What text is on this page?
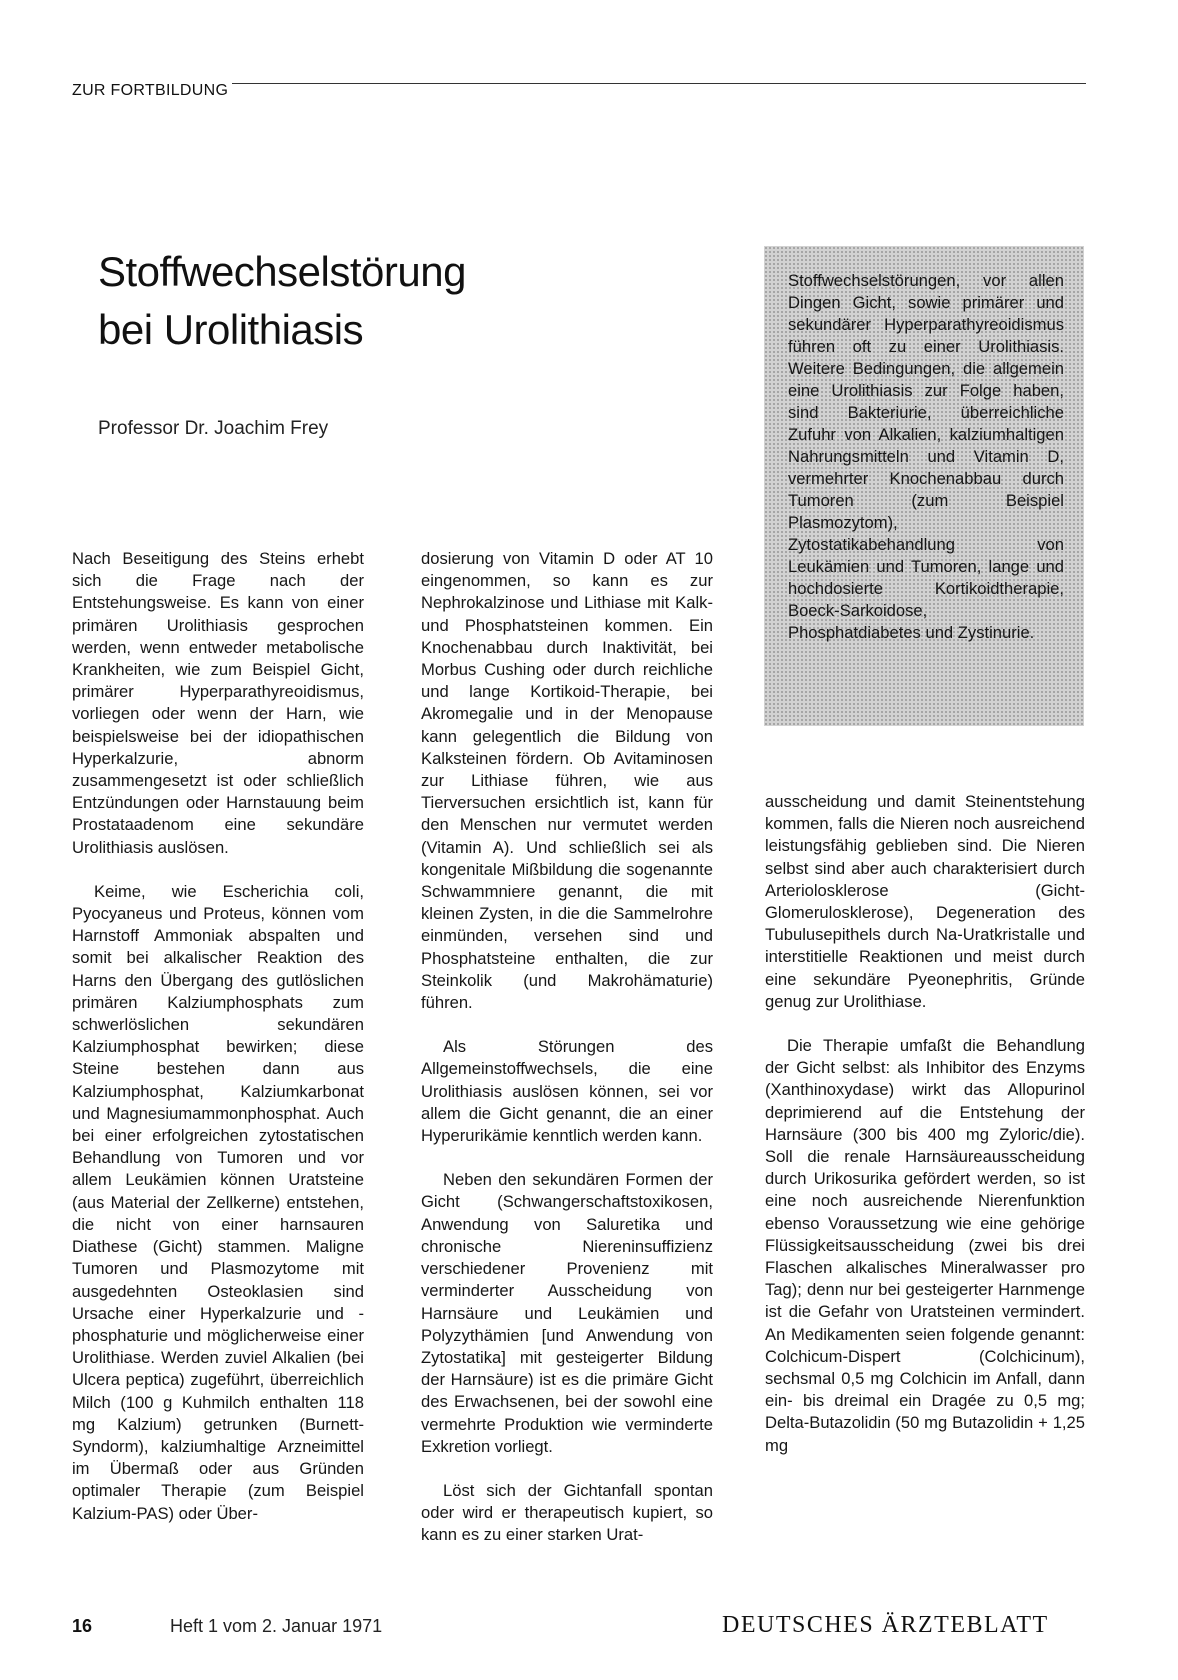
ZUR FORTBILDUNG
Stoffwechselstörung
bei Urolithiasis
Professor Dr. Joachim Frey
Stoffwechselstörungen, vor allen Dingen Gicht, sowie primärer und sekundärer Hyperparathyreoidismus führen oft zu einer Urolithiasis. Weitere Bedingungen, die allgemein eine Urolithiasis zur Folge haben, sind Bakteriurie, überreichliche Zufuhr von Alkalien, kalziumhaltigen Nahrungsmitteln und Vitamin D, vermehrter Knochenabbau durch Tumoren (zum Beispiel Plasmozytom), Zytostatikabehandlung von Leukämien und Tumoren, lange und hochdosierte Kortikoidtherapie, Boeck-Sarkoidose, Phosphatdiabetes und Zystinurie.

Nach Beseitigung des Steins erhebt sich die Frage nach der Entstehungsweise. Es kann von einer primären Urolithiasis gesprochen werden, wenn entweder metabolische Krankheiten, wie zum Beispiel Gicht, primärer Hyperparathyreoidismus, vorliegen oder wenn der Harn, wie beispielsweise bei der idiopathischen Hyperkalzurie, abnorm zusammengesetzt ist oder schließlich Entzündungen oder Harnstauung beim Prostataadenom eine sekundäre Urolithiasis auslösen.

Keime, wie Escherichia coli, Pyocyaneus und Proteus, können vom Harnstoff Ammoniak abspalten und somit bei alkalischer Reaktion des Harns den Übergang des gutlöslichen primären Kalziumphosphats zum schwerlöslichen sekundären Kalziumphosphat bewirken; diese Steine bestehen dann aus Kalziumphosphat, Kalziumkarbonat und Magnesiumammonphosphat. Auch bei einer erfolgreichen zytostatischen Behandlung von Tumoren und vor allem Leukämien können Uratsteine (aus Material der Zellkerne) entstehen, die nicht von einer harnsauren Diathese (Gicht) stammen. Maligne Tumoren und Plasmozytome mit ausgedehnten Osteoklasien sind Ursache einer Hyperkalzurie und -phosphaturie und möglicherweise einer Urolithiase. Werden zuviel Alkalien (bei Ulcera peptica) zugeführt, überreichlich Milch (100 g Kuhmilch enthalten 118 mg Kalzium) getrunken (Burnett-Syndorm), kalziumhaltige Arzneimittel im Übermaß oder aus Gründen optimaler Therapie (zum Beispiel Kalzium-PAS) oder Über-

dosierung von Vitamin D oder AT 10 eingenommen, so kann es zur Nephrokalzinose und Lithiase mit Kalk- und Phosphatsteinen kommen. Ein Knochenabbau durch Inaktivität, bei Morbus Cushing oder durch reichliche und lange Kortikoid-Therapie, bei Akromegalie und in der Menopause kann gelegentlich die Bildung von Kalksteinen fördern. Ob Avitaminosen zur Lithiase führen, wie aus Tierversuchen ersichtlich ist, kann für den Menschen nur vermutet werden (Vitamin A). Und schließlich sei als kongenitale Mißbildung die sogenannte Schwammniere genannt, die mit kleinen Zysten, in die die Sammelrohre einmünden, versehen sind und Phosphatsteine enthalten, die zur Steinkolik (und Makrohämaturie) führen.

Als Störungen des Allgemeinstoffwechsels, die eine Urolithiasis auslösen können, sei vor allem die Gicht genannt, die an einer Hyperurikämie kenntlich werden kann.

Neben den sekundären Formen der Gicht (Schwangerschaftstoxikosen, Anwendung von Saluretika und chronische Niereninsuffizienz verschiedener Provenienz mit verminderter Ausscheidung von Harnsäure und Leukämien und Polyzythämien [und Anwendung von Zytostatika] mit gesteigerter Bildung der Harnsäure) ist es die primäre Gicht des Erwachsenen, bei der sowohl eine vermehrte Produktion wie verminderte Exkretion vorliegt.

Löst sich der Gichtanfall spontan oder wird er therapeutisch kupiert, so kann es zu einer starken Urat-

ausscheidung und damit Steinentstehung kommen, falls die Nieren noch ausreichend leistungsfähig geblieben sind. Die Nieren selbst sind aber auch charakterisiert durch Arteriolosklerose (Gicht-Glomerulosklerose), Degeneration des Tubulusepithels durch Na-Uratkristalle und interstitielle Reaktionen und meist durch eine sekundäre Pyeonephritis, Gründe genug zur Urolithiase.

Die Therapie umfaßt die Behandlung der Gicht selbst: als Inhibitor des Enzyms (Xanthinoxydase) wirkt das Allopurinol deprimierend auf die Entstehung der Harnsäure (300 bis 400 mg Zyloric/die). Soll die renale Harnsäureausscheidung durch Urikosurika gefördert werden, so ist eine noch ausreichende Nierenfunktion ebenso Voraussetzung wie eine gehörige Flüssigkeitsausscheidung (zwei bis drei Flaschen alkalisches Mineralwasser pro Tag); denn nur bei gesteigerter Harnmenge ist die Gefahr von Uratsteinen vermindert. An Medikamenten seien folgende genannt: Colchicum-Dispert (Colchicinum), sechsmal 0,5 mg Colchicin im Anfall, dann ein- bis dreimal ein Dragée zu 0,5 mg; Delta-Butazolidin (50 mg Butazolidin + 1,25 mg

16	Heft 1 vom 2. Januar 1971	DEUTSCHES ÄRZTEBLATT
